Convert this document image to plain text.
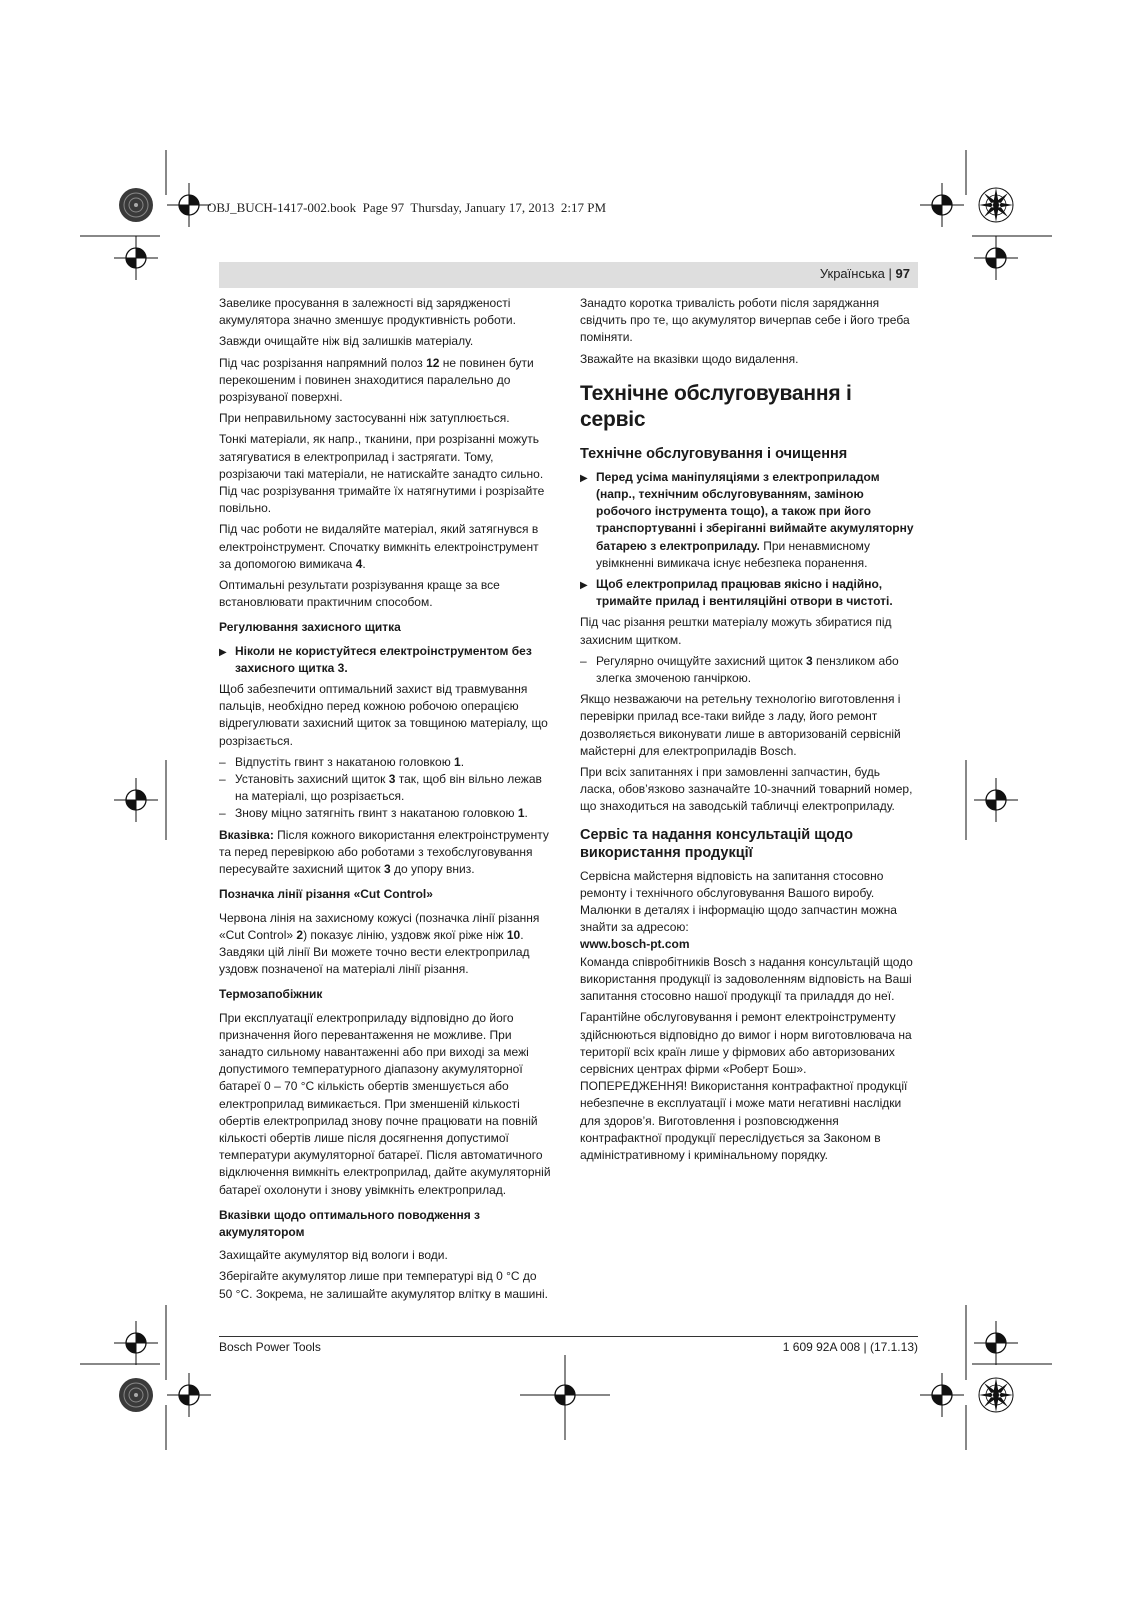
OBJ_BUCH-1417-002.book  Page 97  Thursday, January 17, 2013  2:17 PM
Українська | 97

Завелике просування в залежності від зарядженості акумулятора значно зменшує продуктивність роботи.

Завжди очищайте ніж від залишків матеріалу.

Під час розрізання напрямний полоз 12 не повинен бути перекошеним і повинен знаходитися паралельно до розрізуваної поверхні.

При неправильному застосуванні ніж затуплюється.

Тонкі матеріали, як напр., тканини, при розрізанні можуть затягуватися в електроприлад і застрягати. Тому, розрізаючи такі матеріали, не натискайте занадто сильно. Під час розрізування тримайте їх натягнутими і розрізайте повільно.

Під час роботи не видаляйте матеріал, який затягнувся в електроінструмент. Спочатку вимкніть електроінструмент за допомогою вимикача 4.

Оптимальні результати розрізування краще за все встановлювати практичним способом.

Регулювання захисного щитка
▶ Ніколи не користуйтеся електроінструментом без захисного щитка 3.

Щоб забезпечити оптимальний захист від травмування пальців, необхідно перед кожною робочою операцією відрегулювати захисний щиток за товщиною матеріалу, що розрізається.

– Відпустіть гвинт з накатаною головкою 1.
– Установіть захисний щиток 3 так, щоб він вільно лежав на матеріалі, що розрізається.
– Знову міцно затягніть гвинт з накатаною головкою 1.

Вказівка: Після кожного використання електроінструменту та перед перевіркою або роботами з техобслуговування пересувайте захисний щиток 3 до упору вниз.

Позначка лінії різання «Cut Control»

Червона лінія на захисному кожусі (позначка лінії різання «Cut Control» 2) показує лінію, уздовж якої ріже ніж 10. Завдяки цій лінії Ви можете точно вести електроприлад уздовж позначеної на матеріалі лінії різання.

Термозапобіжник

При експлуатації електроприладу відповідно до його призначення його перевантаження не можливе. При занадто сильному навантаженні або при виході за межі допустимого температурного діапазону акумуляторної батареї 0 – 70 °C кількість обертів зменшується або електроприлад вимикається. При зменшеній кількості обертів електроприлад знову почне працювати на повній кількості обертів лише після досягнення допустимої температури акумуляторної батареї. Після автоматичного відключення вимкніть електроприлад, дайте акумуляторній батареї охолонути і знову увімкніть електроприлад.

Вказівки щодо оптимального поводження з акумулятором

Захищайте акумулятор від вологи і води.

Зберігайте акумулятор лише при температурі від 0 °C до 50 °C. Зокрема, не залишайте акумулятор влітку в машині.

Занадто коротка тривалість роботи після заряджання свідчить про те, що акумулятор вичерпав себе і його треба поміняти.

Зважайте на вказівки щодо видалення.

Технічне обслуговування і сервіс
Технічне обслуговування і очищення
▶ Перед усіма маніпуляціями з електроприладом (напр., технічним обслуговуванням, заміною робочого інструмента тощо), а також при його транспортуванні і зберіганні виймайте акумуляторну батарею з електроприладу. При ненавмисному увімкненні вимикача існує небезпека поранення.
▶ Щоб електроприлад працював якісно і надійно, тримайте прилад і вентиляційні отвори в чистоті.

Під час різання рештки матеріалу можуть збиратися під захисним щитком.

– Регулярно очищуйте захисний щиток 3 пензликом або злегка змоченою ганчіркою.

Якщо незважаючи на ретельну технологію виготовлення і перевірки прилад все-таки вийде з ладу, його ремонт дозволяється виконувати лише в авторизованій сервісній майстерні для електроприладів Bosch.

При всіх запитаннях і при замовленні запчастин, будь ласка, обов’язково зазначайте 10-значний товарний номер, що знаходиться на заводській табличці електроприладу.

Сервіс та надання консультацій щодо використання продукції

Сервісна майстерня відповість на запитання стосовно ремонту і технічного обслуговування Вашого виробу. Малюнки в деталях і інформацію щодо запчастин можна знайти за адресою:

www.bosch-pt.com

Команда співробітників Bosch з надання консультацій щодо використання продукції із задоволенням відповість на Ваші запитання стосовно нашої продукції та приладдя до неї.

Гарантійне обслуговування і ремонт електроінструменту здійснюються відповідно до вимог і норм виготовлювача на території всіх країн лише у фірмових або авторизованих сервісних центрах фірми «Роберт Бош». ПОПЕРЕДЖЕННЯ! Використання контрафактної продукції небезпечне в експлуатації і може мати негативні наслідки для здоров’я. Виготовлення і розповсюдження контрафактної продукції переслідується за Законом в адміністративному і кримінальному порядку.

Bosch Power Tools	1 609 92A 008 | (17.1.13)
